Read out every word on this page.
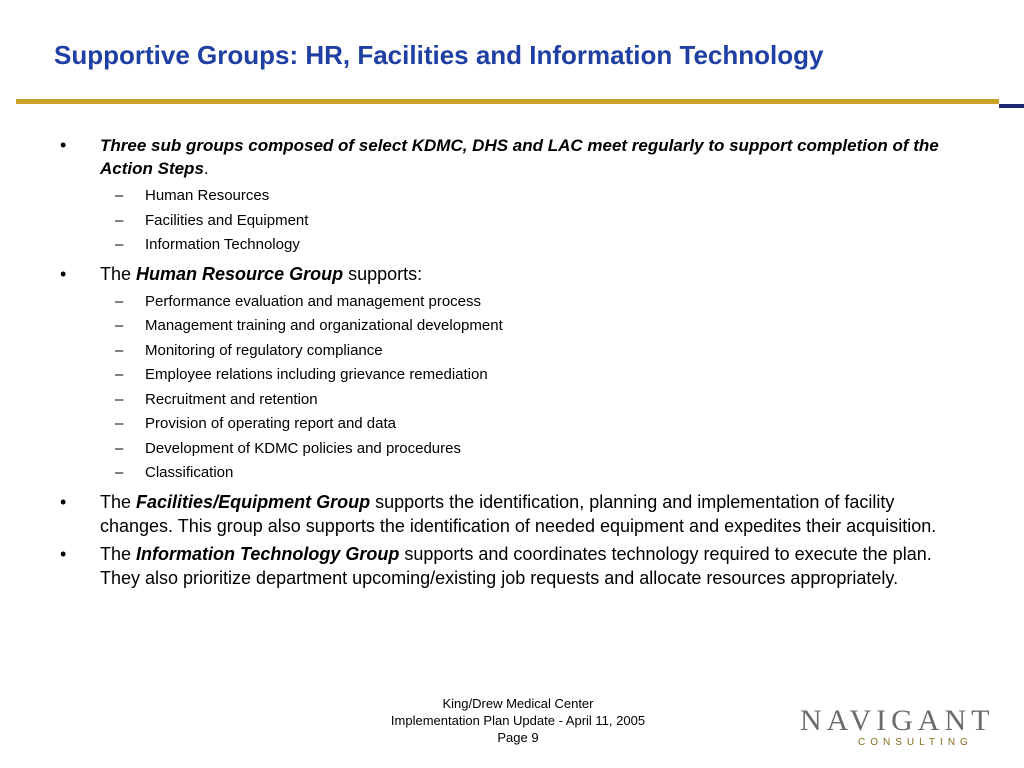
Supportive Groups: HR, Facilities and Information Technology
• Three sub groups composed of select KDMC, DHS and LAC meet regularly to support completion of the Action Steps.
– Human Resources
– Facilities and Equipment
– Information Technology
• The Human Resource Group supports:
– Performance evaluation and management process
– Management training and organizational development
– Monitoring of regulatory compliance
– Employee relations including grievance remediation
– Recruitment and retention
– Provision of operating report and data
– Development of KDMC policies and procedures
– Classification
• The Facilities/Equipment Group supports the identification, planning and implementation of facility changes. This group also supports the identification of needed equipment and expedites their acquisition.
• The Information Technology Group supports and coordinates technology required to execute the plan. They also prioritize department upcoming/existing job requests and allocate resources appropriately.
King/Drew Medical Center
Implementation Plan Update - April 11, 2005
Page 9
NAVIGANT
CONSULTING
